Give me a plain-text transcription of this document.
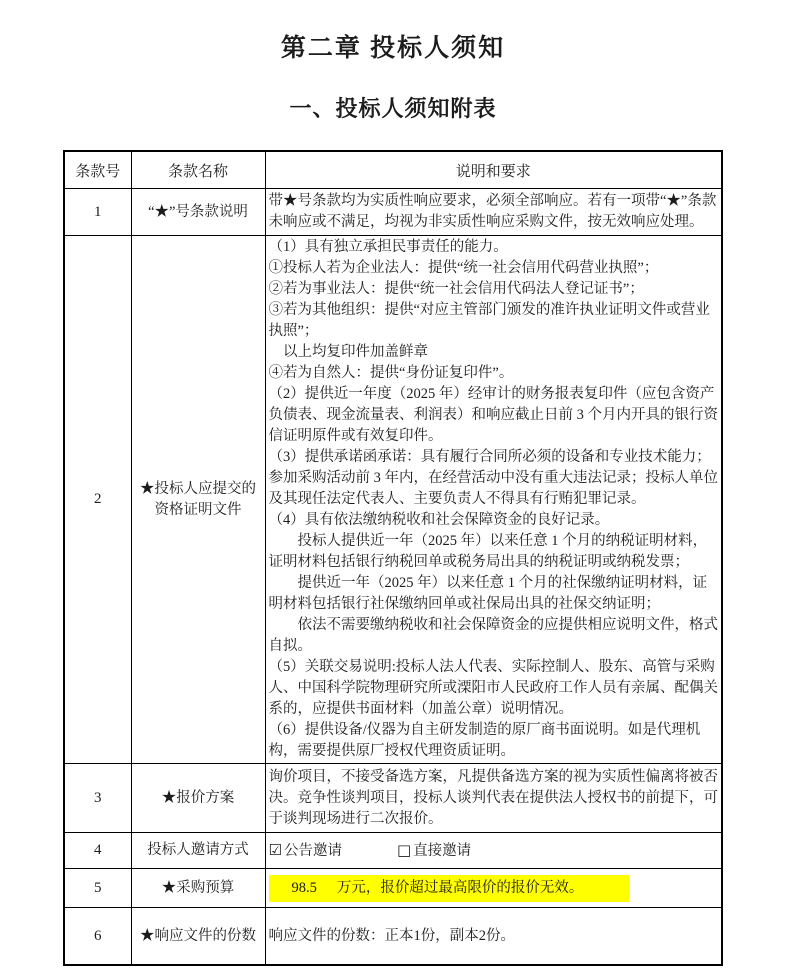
第二章 投标人须知
一、投标人须知附表
条款号	条款名称	说明和要求
1	“★”号条款说明	带★号条款均为实质性响应要求，必须全部响应。若有一项带“★”条款未响应或不满足，均视为非实质性响应采购文件，按无效响应处理。

2	★投标人应提交的资格证明文件	

（1）具有独立承担民事责任的能力。

①投标人若为企业法人：提供“统一社会信用代码营业执照”；

②若为事业法人：提供“统一社会信用代码法人登记证书”；

③若为其他组织：提供“对应主管部门颁发的准许执业证明文件或营业执照”；

以上均复印件加盖鲜章

④若为自然人：提供“身份证复印件”。

（2）提供近一年度（2025 年）经审计的财务报表复印件（应包含资产负债表、现金流量表、利润表）和响应截止日前 3 个月内开具的银行资信证明原件或有效复印件。

（3）提供承诺函承诺：具有履行合同所必须的设备和专业技术能力；参加采购活动前 3 年内，在经营活动中没有重大违法记录；投标人单位及其现任法定代表人、主要负责人不得具有行贿犯罪记录。

（4）具有依法缴纳税收和社会保障资金的良好记录。

投标人提供近一年（2025 年）以来任意 1 个月的纳税证明材料，证明材料包括银行纳税回单或税务局出具的纳税证明或纳税发票；

提供近一年（2025 年）以来任意 1 个月的社保缴纳证明材料，证明材料包括银行社保缴纳回单或社保局出具的社保交纳证明；

依法不需要缴纳税收和社会保障资金的应提供相应说明文件，格式自拟。

（5）关联交易说明:投标人法人代表、实际控制人、股东、高管与采购人、中国科学院物理研究所或溧阳市人民政府工作人员有亲属、配偶关系的，应提供书面材料（加盖公章）说明情况。

（6）提供设备/仪器为自主研发制造的原厂商书面说明。如是代理机构，需要提供原厂授权代理资质证明。

3	★报价方案	询价项目，不接受备选方案，凡提供备选方案的视为实质性偏离将被否决。竞争性谈判项目，投标人谈判代表在提供法人授权书的前提下，可于谈判现场进行二次报价。

4	投标人邀请方式	☑ 公告邀请 □ 直接邀请
5	★采购预算	98.5 万元，报价超过最高限价的报价无效。
6	★响应文件的份数	响应文件的份数：正本1份，副本2份。
